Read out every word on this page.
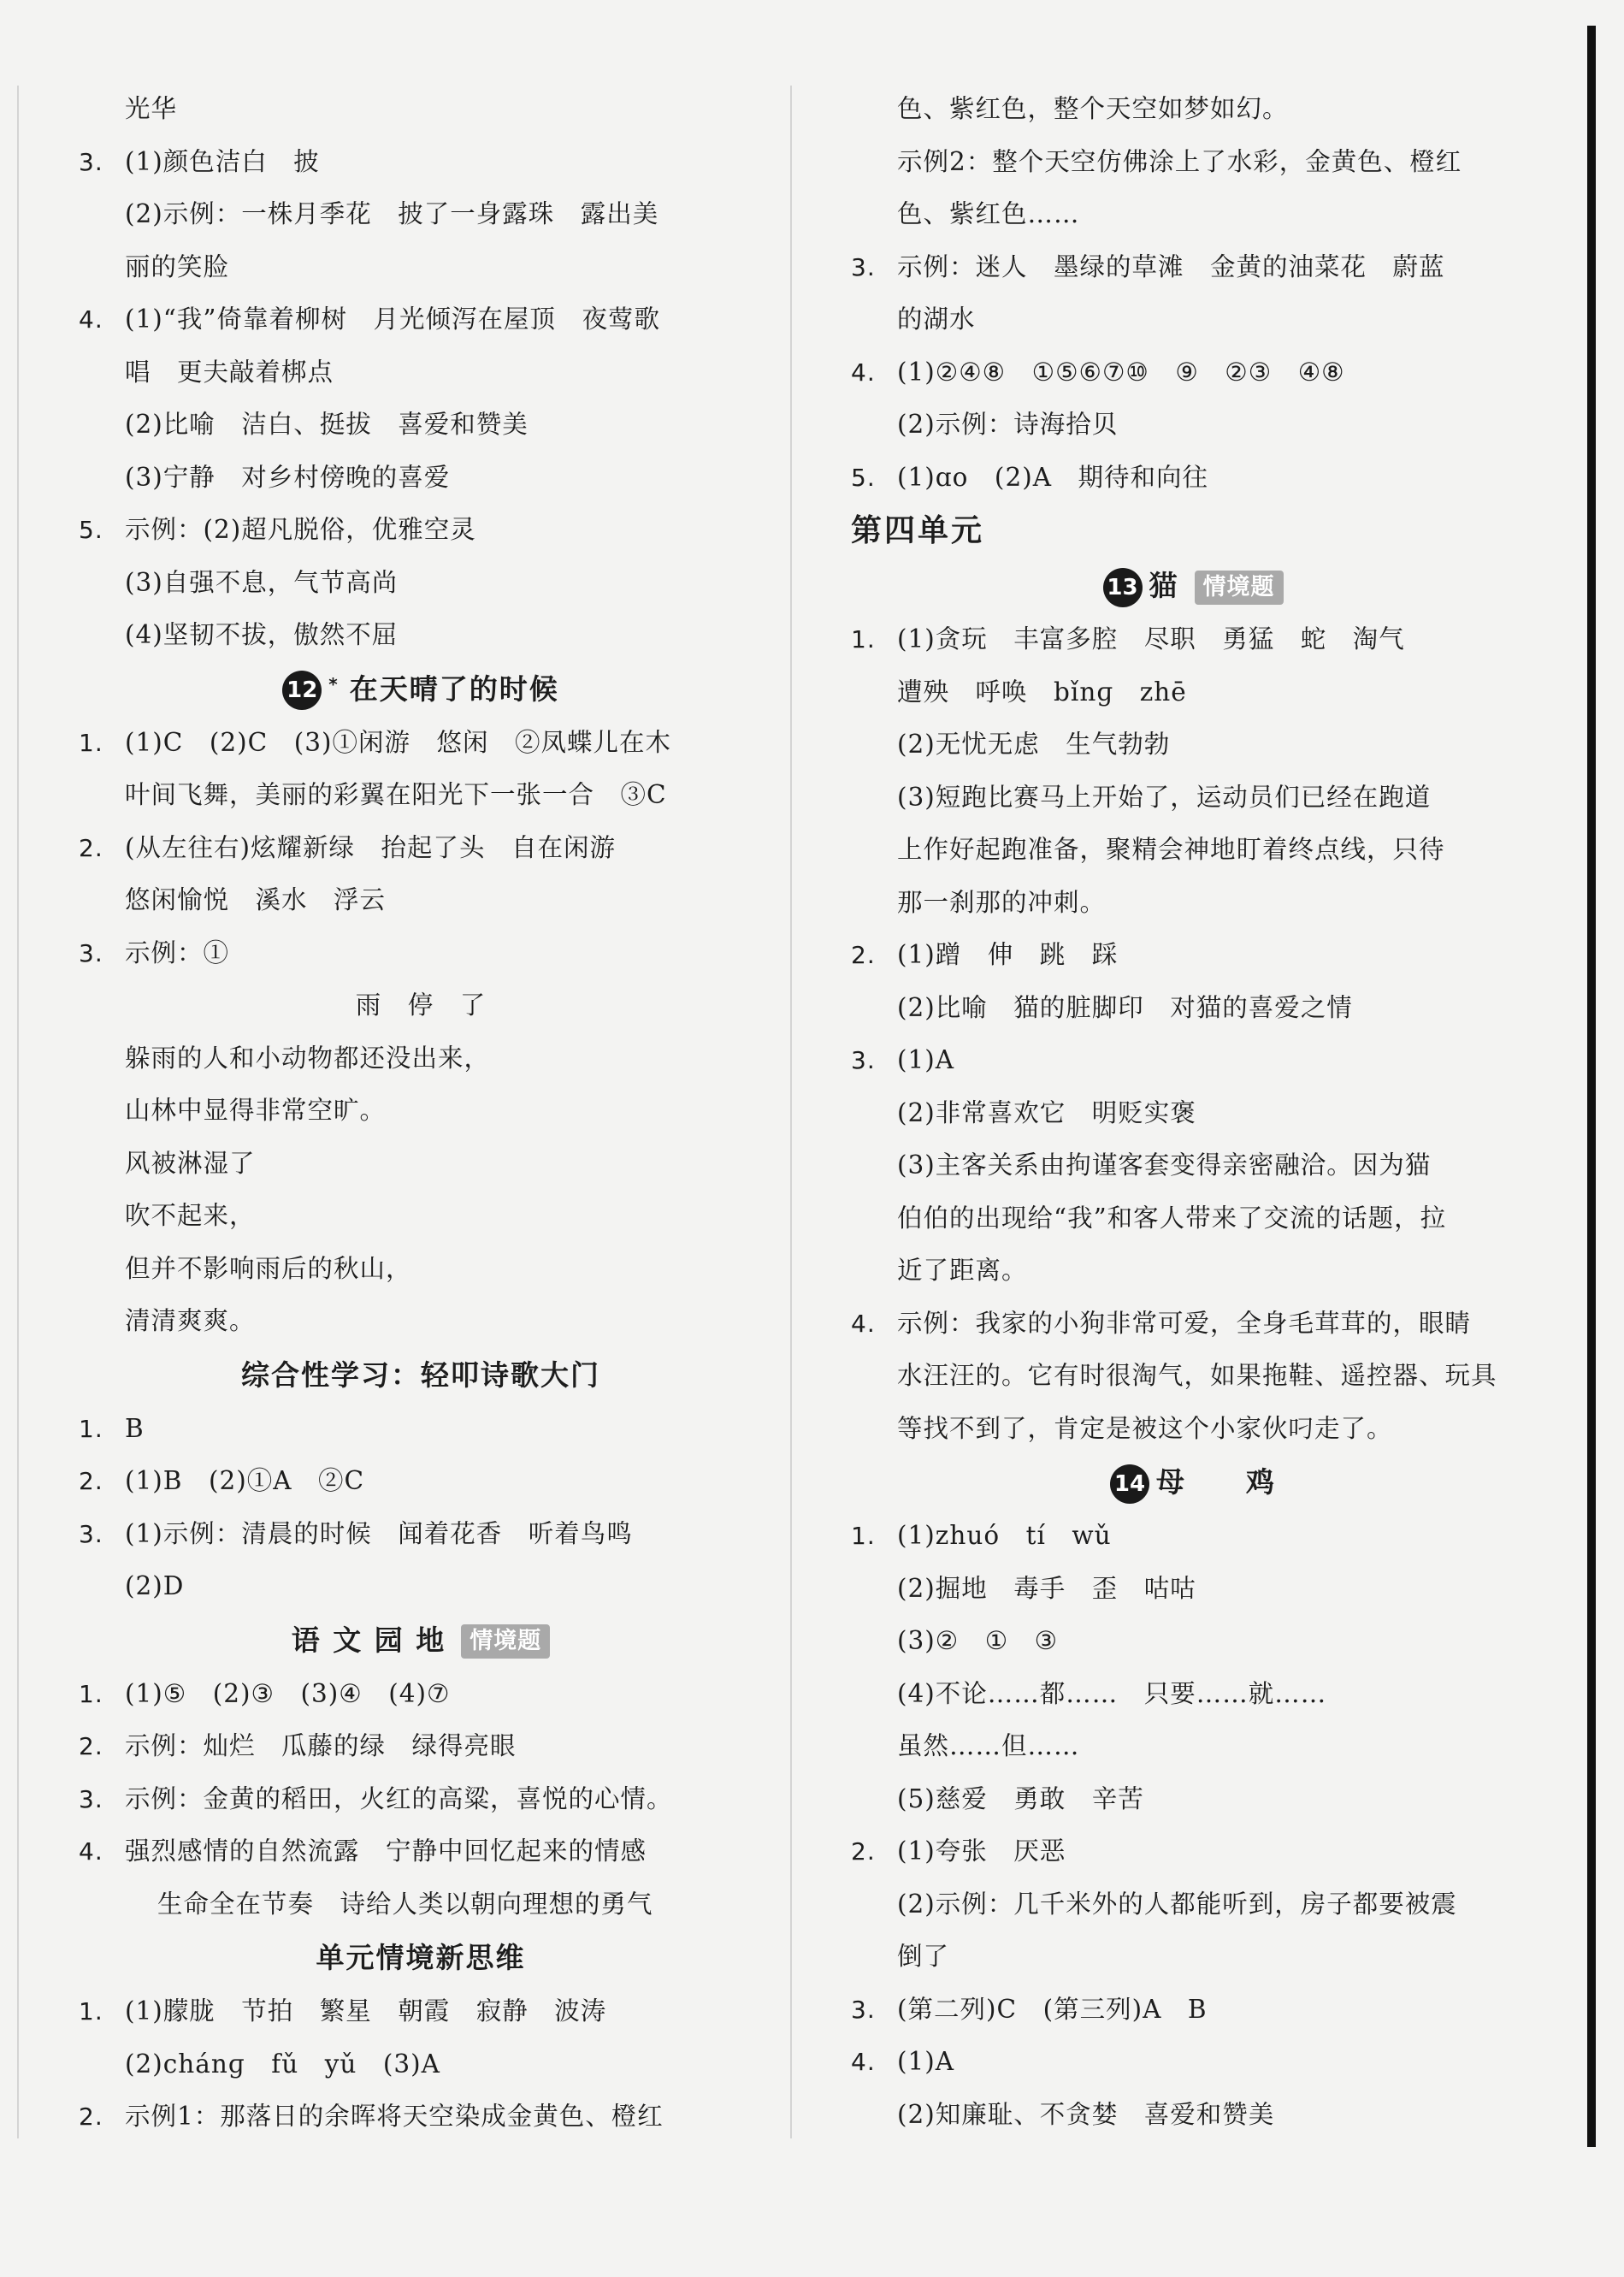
光华
3. (1)颜色洁白　披
(2)示例：一株月季花　披了一身露珠　露出美
丽的笑脸
4. (1)“我”倚靠着柳树　月光倾泻在屋顶　夜莺歌
唱　更夫敲着梆点
(2)比喻　洁白、挺拔　喜爱和赞美
(3)宁静　对乡村傍晚的喜爱
5. 示例：(2)超凡脱俗，优雅空灵
(3)自强不息，气节高尚
(4)坚韧不拔，傲然不屈
12 * 在天晴了的时候
1. (1)C　(2)C　(3)①闲游　悠闲　②凤蝶儿在木
叶间飞舞，美丽的彩翼在阳光下一张一合　③C
2. (从左往右)炫耀新绿　抬起了头　自在闲游
悠闲愉悦　溪水　浮云
3. 示例：①
雨　停　了
躲雨的人和小动物都还没出来，
山林中显得非常空旷。
风被淋湿了
吹不起来，
但并不影响雨后的秋山，
清清爽爽。
综合性学习：轻叩诗歌大门
1. B
2. (1)B　(2)①A　②C
3. (1)示例：清晨的时候　闻着花香　听着鸟鸣
(2)D
语 文 园 地 情境题
1. (1)⑤　(2)③　(3)④　(4)⑦
2. 示例：灿烂　瓜藤的绿　绿得亮眼
3. 示例：金黄的稻田，火红的高粱，喜悦的心情。
4. 强烈感情的自然流露　宁静中回忆起来的情感
生命全在节奏　诗给人类以朝向理想的勇气
单元情境新思维
1. (1)朦胧　节拍　繁星　朝霞　寂静　波涛
(2)chánɡ　fǔ　yǔ　(3)A
2. 示例1：那落日的余晖将天空染成金黄色、橙红
色、紫红色，整个天空如梦如幻。
示例2：整个天空仿佛涂上了水彩，金黄色、橙红
色、紫红色……
3. 示例：迷人　墨绿的草滩　金黄的油菜花　蔚蓝
的湖水
4. (1)②④⑧　①⑤⑥⑦⑩　⑨　②③　④⑧
(2)示例：诗海拾贝
5. (1)ɑo　(2)A　期待和向往
第四单元
13 猫 情境题
1. (1)贪玩　丰富多腔　尽职　勇猛　蛇　淘气
遭殃　呼唤　bǐnɡ　zhē
(2)无忧无虑　生气勃勃
(3)短跑比赛马上开始了，运动员们已经在跑道
上作好起跑准备，聚精会神地盯着终点线，只待
那一刹那的冲刺。
2. (1)蹭　伸　跳　踩
(2)比喻　猫的脏脚印　对猫的喜爱之情
3. (1)A
(2)非常喜欢它　明贬实褒
(3)主客关系由拘谨客套变得亲密融洽。因为猫
伯伯的出现给“我”和客人带来了交流的话题，拉
近了距离。
4. 示例：我家的小狗非常可爱，全身毛茸茸的，眼睛
水汪汪的。它有时很淘气，如果拖鞋、遥控器、玩具
等找不到了，肯定是被这个小家伙叼走了。
14 母　　鸡
1. (1)zhuó　tí　wǔ
(2)掘地　毒手　歪　咕咕
(3)②　①　③
(4)不论……都……　只要……就……
虽然……但……
(5)慈爱　勇敢　辛苦
2. (1)夸张　厌恶
(2)示例：几千米外的人都能听到，房子都要被震
倒了
3. (第二列)C　(第三列)A　B
4. (1)A
(2)知廉耻、不贪婪　喜爱和赞美
